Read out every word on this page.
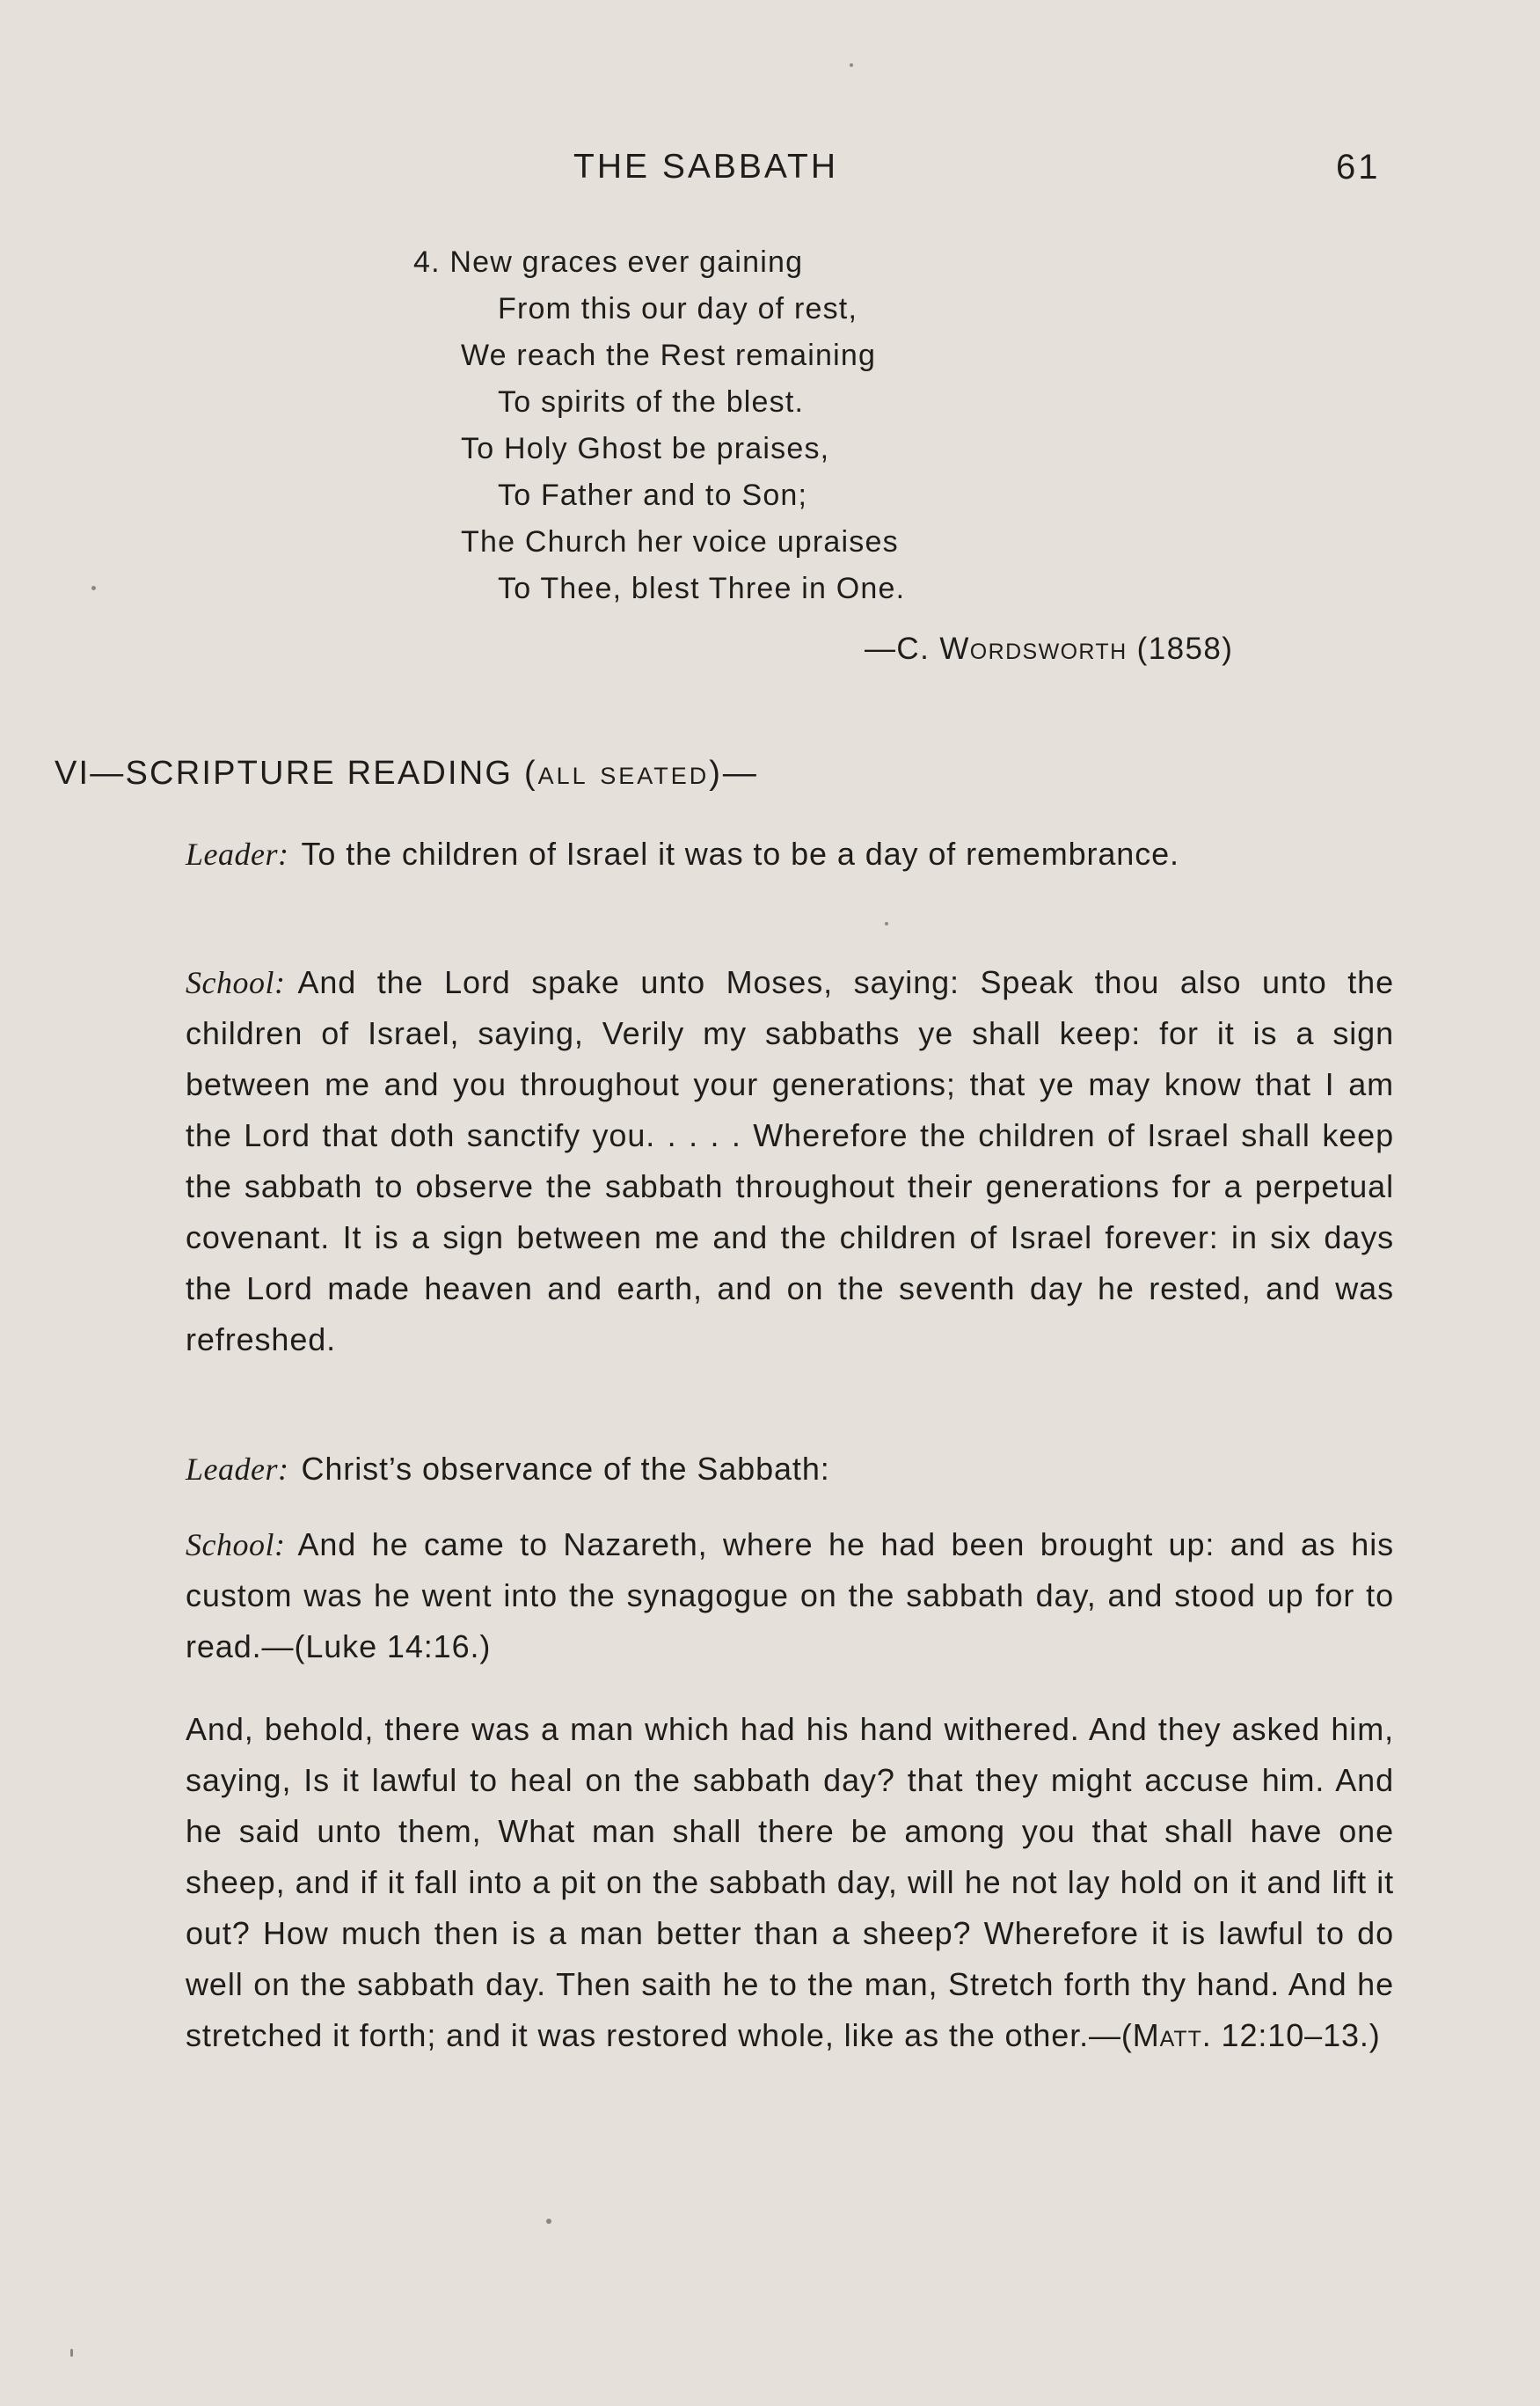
THE SABBATH	61
4. New graces ever gaining
From this our day of rest,
We reach the Rest remaining
To spirits of the blest.
To Holy Ghost be praises,
To Father and to Son;
The Church her voice upraises
To Thee, blest Three in One.
—C. Wordsworth (1858)
VI—SCRIPTURE READING (all seated)—
Leader: To the children of Israel it was to be a day of remembrance.
School: And the Lord spake unto Moses, saying: Speak thou also unto the children of Israel, saying, Verily my sabbaths ye shall keep: for it is a sign between me and you throughout your generations; that ye may know that I am the Lord that doth sanctify you. . . . . Wherefore the children of Israel shall keep the sabbath to observe the sabbath throughout their generations for a perpetual covenant. It is a sign between me and the children of Israel forever: in six days the Lord made heaven and earth, and on the seventh day he rested, and was refreshed.
Leader: Christ’s observance of the Sabbath:
School: And he came to Nazareth, where he had been brought up: and as his custom was he went into the synagogue on the sabbath day, and stood up for to read.—(Luke 14:16.)
And, behold, there was a man which had his hand withered. And they asked him, saying, Is it lawful to heal on the sabbath day? that they might accuse him. And he said unto them, What man shall there be among you that shall have one sheep, and if it fall into a pit on the sabbath day, will he not lay hold on it and lift it out? How much then is a man better than a sheep? Wherefore it is lawful to do well on the sabbath day. Then saith he to the man, Stretch forth thy hand. And he stretched it forth; and it was restored whole, like as the other.—(Matt. 12:10–13.)
